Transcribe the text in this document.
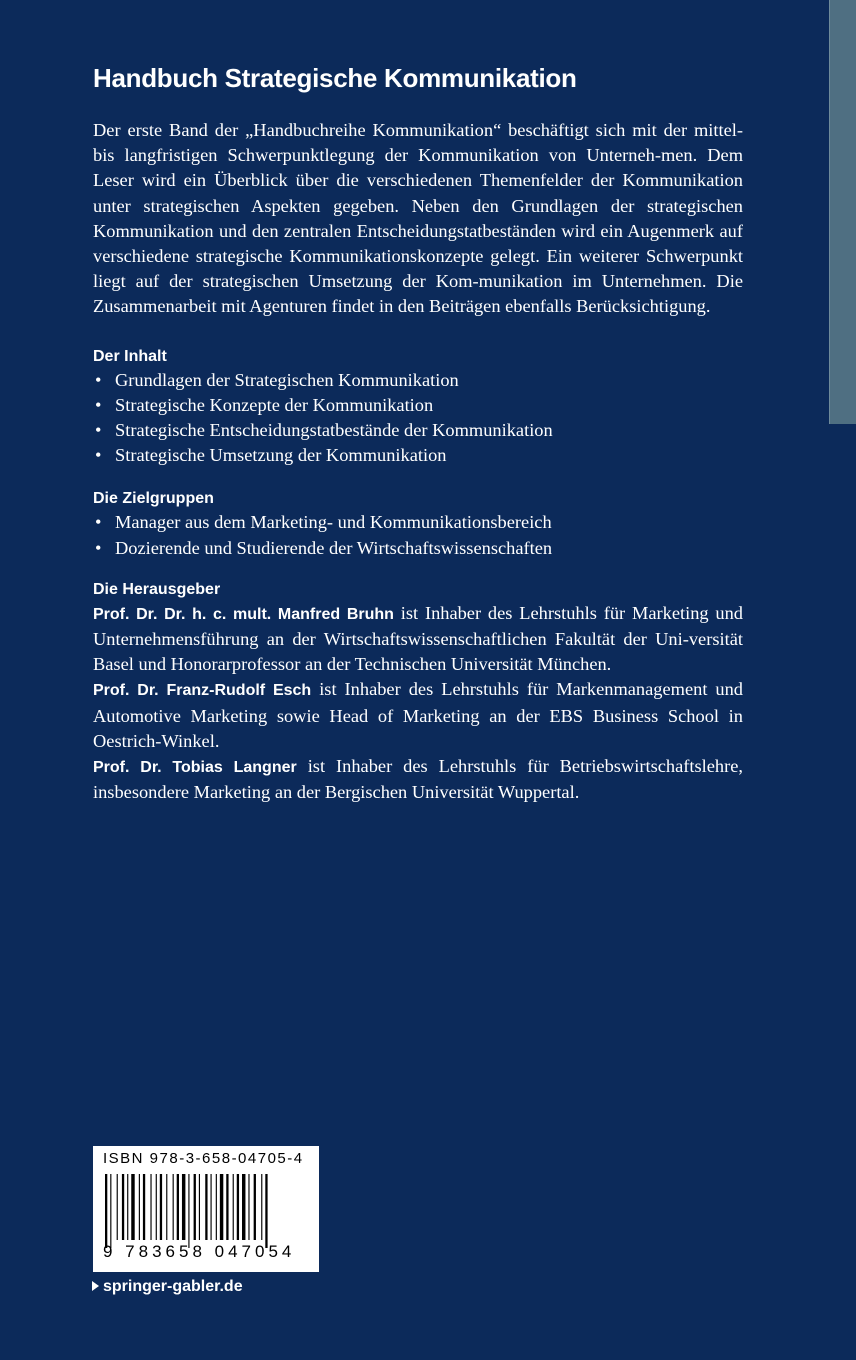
Handbuch Strategische Kommunikation

Der erste Band der „Handbuchreihe Kommunikation“ beschäftigt sich mit der mittel- bis langfristigen Schwerpunktlegung der Kommunikation von Unterneh-men. Dem Leser wird ein Überblick über die verschiedenen Themenfelder der Kommunikation unter strategischen Aspekten gegeben. Neben den Grundlagen der strategischen Kommunikation und den zentralen Entscheidungstatbeständen wird ein Augenmerk auf verschiedene strategische Kommunikationskonzepte gelegt. Ein weiterer Schwerpunkt liegt auf der strategischen Umsetzung der Kom-munikation im Unternehmen. Die Zusammenarbeit mit Agenturen findet in den Beiträgen ebenfalls Berücksichtigung.

Der Inhalt
• Grundlagen der Strategischen Kommunikation
• Strategische Konzepte der Kommunikation
• Strategische Entscheidungstatbestände der Kommunikation
• Strategische Umsetzung der Kommunikation
Die Zielgruppen
• Manager aus dem Marketing- und Kommunikationsbereich
• Dozierende und Studierende der Wirtschaftswissenschaften
Die Herausgeber

Prof. Dr. Dr. h. c. mult. Manfred Bruhn ist Inhaber des Lehrstuhls für Marketing und Unternehmensführung an der Wirtschaftswissenschaftlichen Fakultät der Uni-versität Basel und Honorarprofessor an der Technischen Universität München.

Prof. Dr. Franz-Rudolf Esch ist Inhaber des Lehrstuhls für Markenmanagement und Automotive Marketing sowie Head of Marketing an der EBS Business School in Oestrich-Winkel.

Prof. Dr. Tobias Langner ist Inhaber des Lehrstuhls für Betriebswirtschaftslehre, insbesondere Marketing an der Bergischen Universität Wuppertal.

ISBN 978-3-658-04705-4
9 783658 047054
springer-gabler.de
